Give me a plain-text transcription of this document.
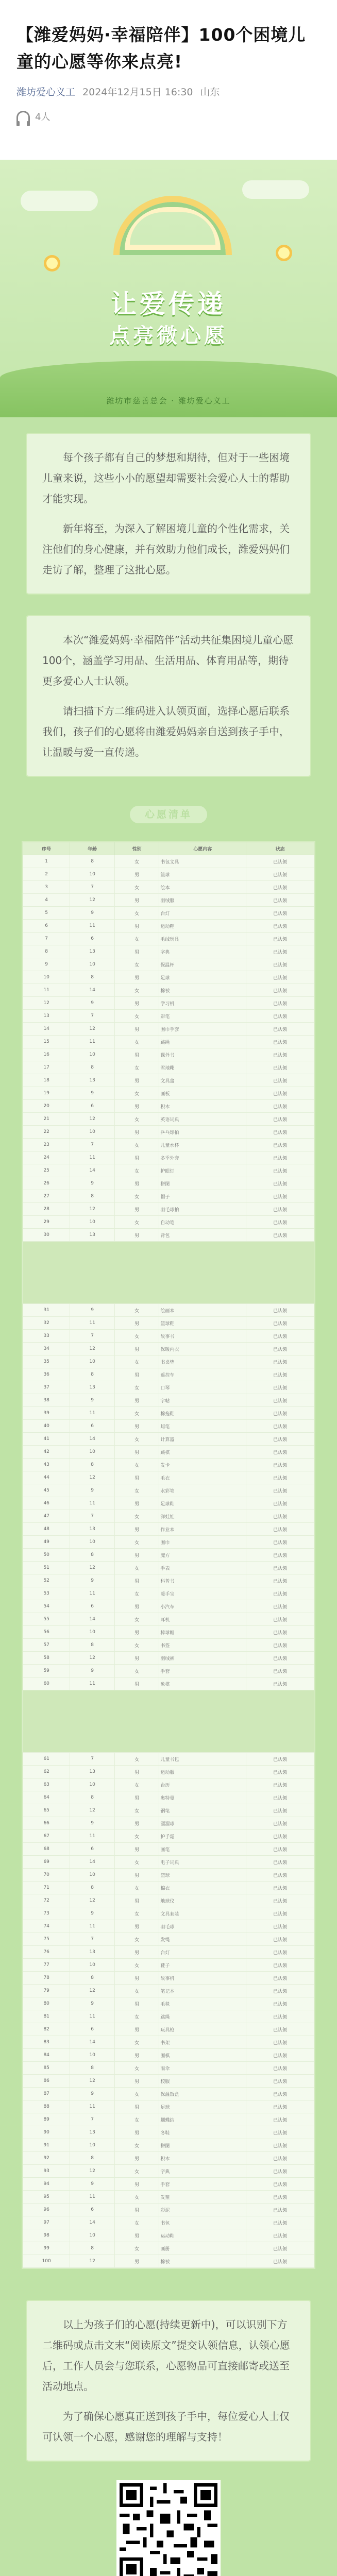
【潍爱妈妈·幸福陪伴】100个困境儿童的心愿等你来点亮!
潍坊爱心义工 2024年12月15日 16:30 山东
4人
让爱传递
点亮微心愿
潍坊市慈善总会 · 潍坊爱心义工

每个孩子都有自己的梦想和期待，但对于一些困境儿童来说，这些小小的愿望却需要社会爱心人士的帮助才能实现。

新年将至，为深入了解困境儿童的个性化需求，关注他们的身心健康，并有效助力他们成长，潍爱妈妈们走访了解，整理了这批心愿。

本次“潍爱妈妈·幸福陪伴”活动共征集困境儿童心愿100个，涵盖学习用品、生活用品、体育用品等，期待更多爱心人士认领。

请扫描下方二维码进入认领页面，选择心愿后联系我们，孩子们的心愿将由潍爱妈妈亲自送到孩子手中，让温暖与爱一直传递。

心愿清单
序号	年龄	性别	心愿内容	状态
1	8	女	书包文具	已认领
2	10	男	篮球	已认领
3	7	女	绘本	已认领
4	12	男	羽绒服	已认领
5	9	女	台灯	已认领
6	11	男	运动鞋	已认领
7	6	女	毛绒玩具	已认领
8	13	男	字典	已认领
9	10	女	保温杯	已认领
10	8	男	足球	已认领
11	14	女	棉被	已认领
12	9	男	学习机	已认领
13	7	女	彩笔	已认领
14	12	男	围巾手套	已认领
15	11	女	跳绳	已认领
16	10	男	课外书	已认领
17	8	女	雪地靴	已认领
18	13	男	文具盒	已认领
19	9	女	画板	已认领
20	6	男	积木	已认领
21	12	女	英语词典	已认领
22	10	男	乒乓球拍	已认领
23	7	女	儿童水杯	已认领
24	11	男	冬季外套	已认领
25	14	女	护眼灯	已认领
26	9	男	拼图	已认领
27	8	女	帽子	已认领
28	12	男	羽毛球拍	已认领
29	10	女	自动笔	已认领
30	13	男	背包	已认领

31	9	女	绘画本	已认领
32	11	男	篮球鞋	已认领
33	7	女	故事书	已认领
34	12	男	保暖内衣	已认领
35	10	女	书桌垫	已认领
36	8	男	遥控车	已认领
37	13	女	口琴	已认领
38	9	男	字帖	已认领
39	11	女	棉拖鞋	已认领
40	6	男	蜡笔	已认领
41	14	女	计算器	已认领
42	10	男	跳棋	已认领
43	8	女	发卡	已认领
44	12	男	毛衣	已认领
45	9	女	水彩笔	已认领
46	11	男	足球鞋	已认领
47	7	女	洋娃娃	已认领
48	13	男	作业本	已认领
49	10	女	围巾	已认领
50	8	男	魔方	已认领
51	12	女	手表	已认领
52	9	男	科普书	已认领
53	11	女	暖手宝	已认领
54	6	男	小汽车	已认领
55	14	女	耳机	已认领
56	10	男	棒球帽	已认领
57	8	女	书签	已认领
58	12	男	羽绒裤	已认领
59	9	女	手套	已认领
60	11	男	象棋	已认领

61	7	女	儿童书包	已认领
62	13	男	运动服	已认领
63	10	女	台历	已认领
64	8	男	奥特曼	已认领
65	12	女	钢笔	已认领
66	9	男	溜溜球	已认领
67	11	女	护手霜	已认领
68	6	男	画笔	已认领
69	14	女	电子词典	已认领
70	10	男	篮球	已认领
71	8	女	棉衣	已认领
72	12	男	地球仪	已认领
73	9	女	文具套装	已认领
74	11	男	羽毛球	已认领
75	7	女	发绳	已认领
76	13	男	台灯	已认领
77	10	女	鞋子	已认领
78	8	男	故事机	已认领
79	12	女	笔记本	已认领
80	9	男	毛毯	已认领
81	11	女	跳绳	已认领
82	6	男	玩具枪	已认领
83	14	女	书架	已认领
84	10	男	围棋	已认领
85	8	女	雨伞	已认领
86	12	男	校服	已认领
87	9	女	保温饭盒	已认领
88	11	男	足球	已认领
89	7	女	蝴蝶结	已认领
90	13	男	冬鞋	已认领
91	10	女	拼图	已认领
92	8	男	积木	已认领
93	12	女	字典	已认领
94	9	男	手套	已认领
95	11	女	发箍	已认领
96	6	男	彩泥	已认领
97	14	女	书包	已认领
98	10	男	运动鞋	已认领
99	8	女	画册	已认领
100	12	男	棉被	已认领

以上为孩子们的心愿(持续更新中)，可以识别下方二维码或点击文末“阅读原文”提交认领信息，认领心愿后，工作人员会与您联系，心愿物品可直接邮寄或送至活动地点。

为了确保心愿真正送到孩子手中，每位爱心人士仅可认领一个心愿，感谢您的理解与支持！
